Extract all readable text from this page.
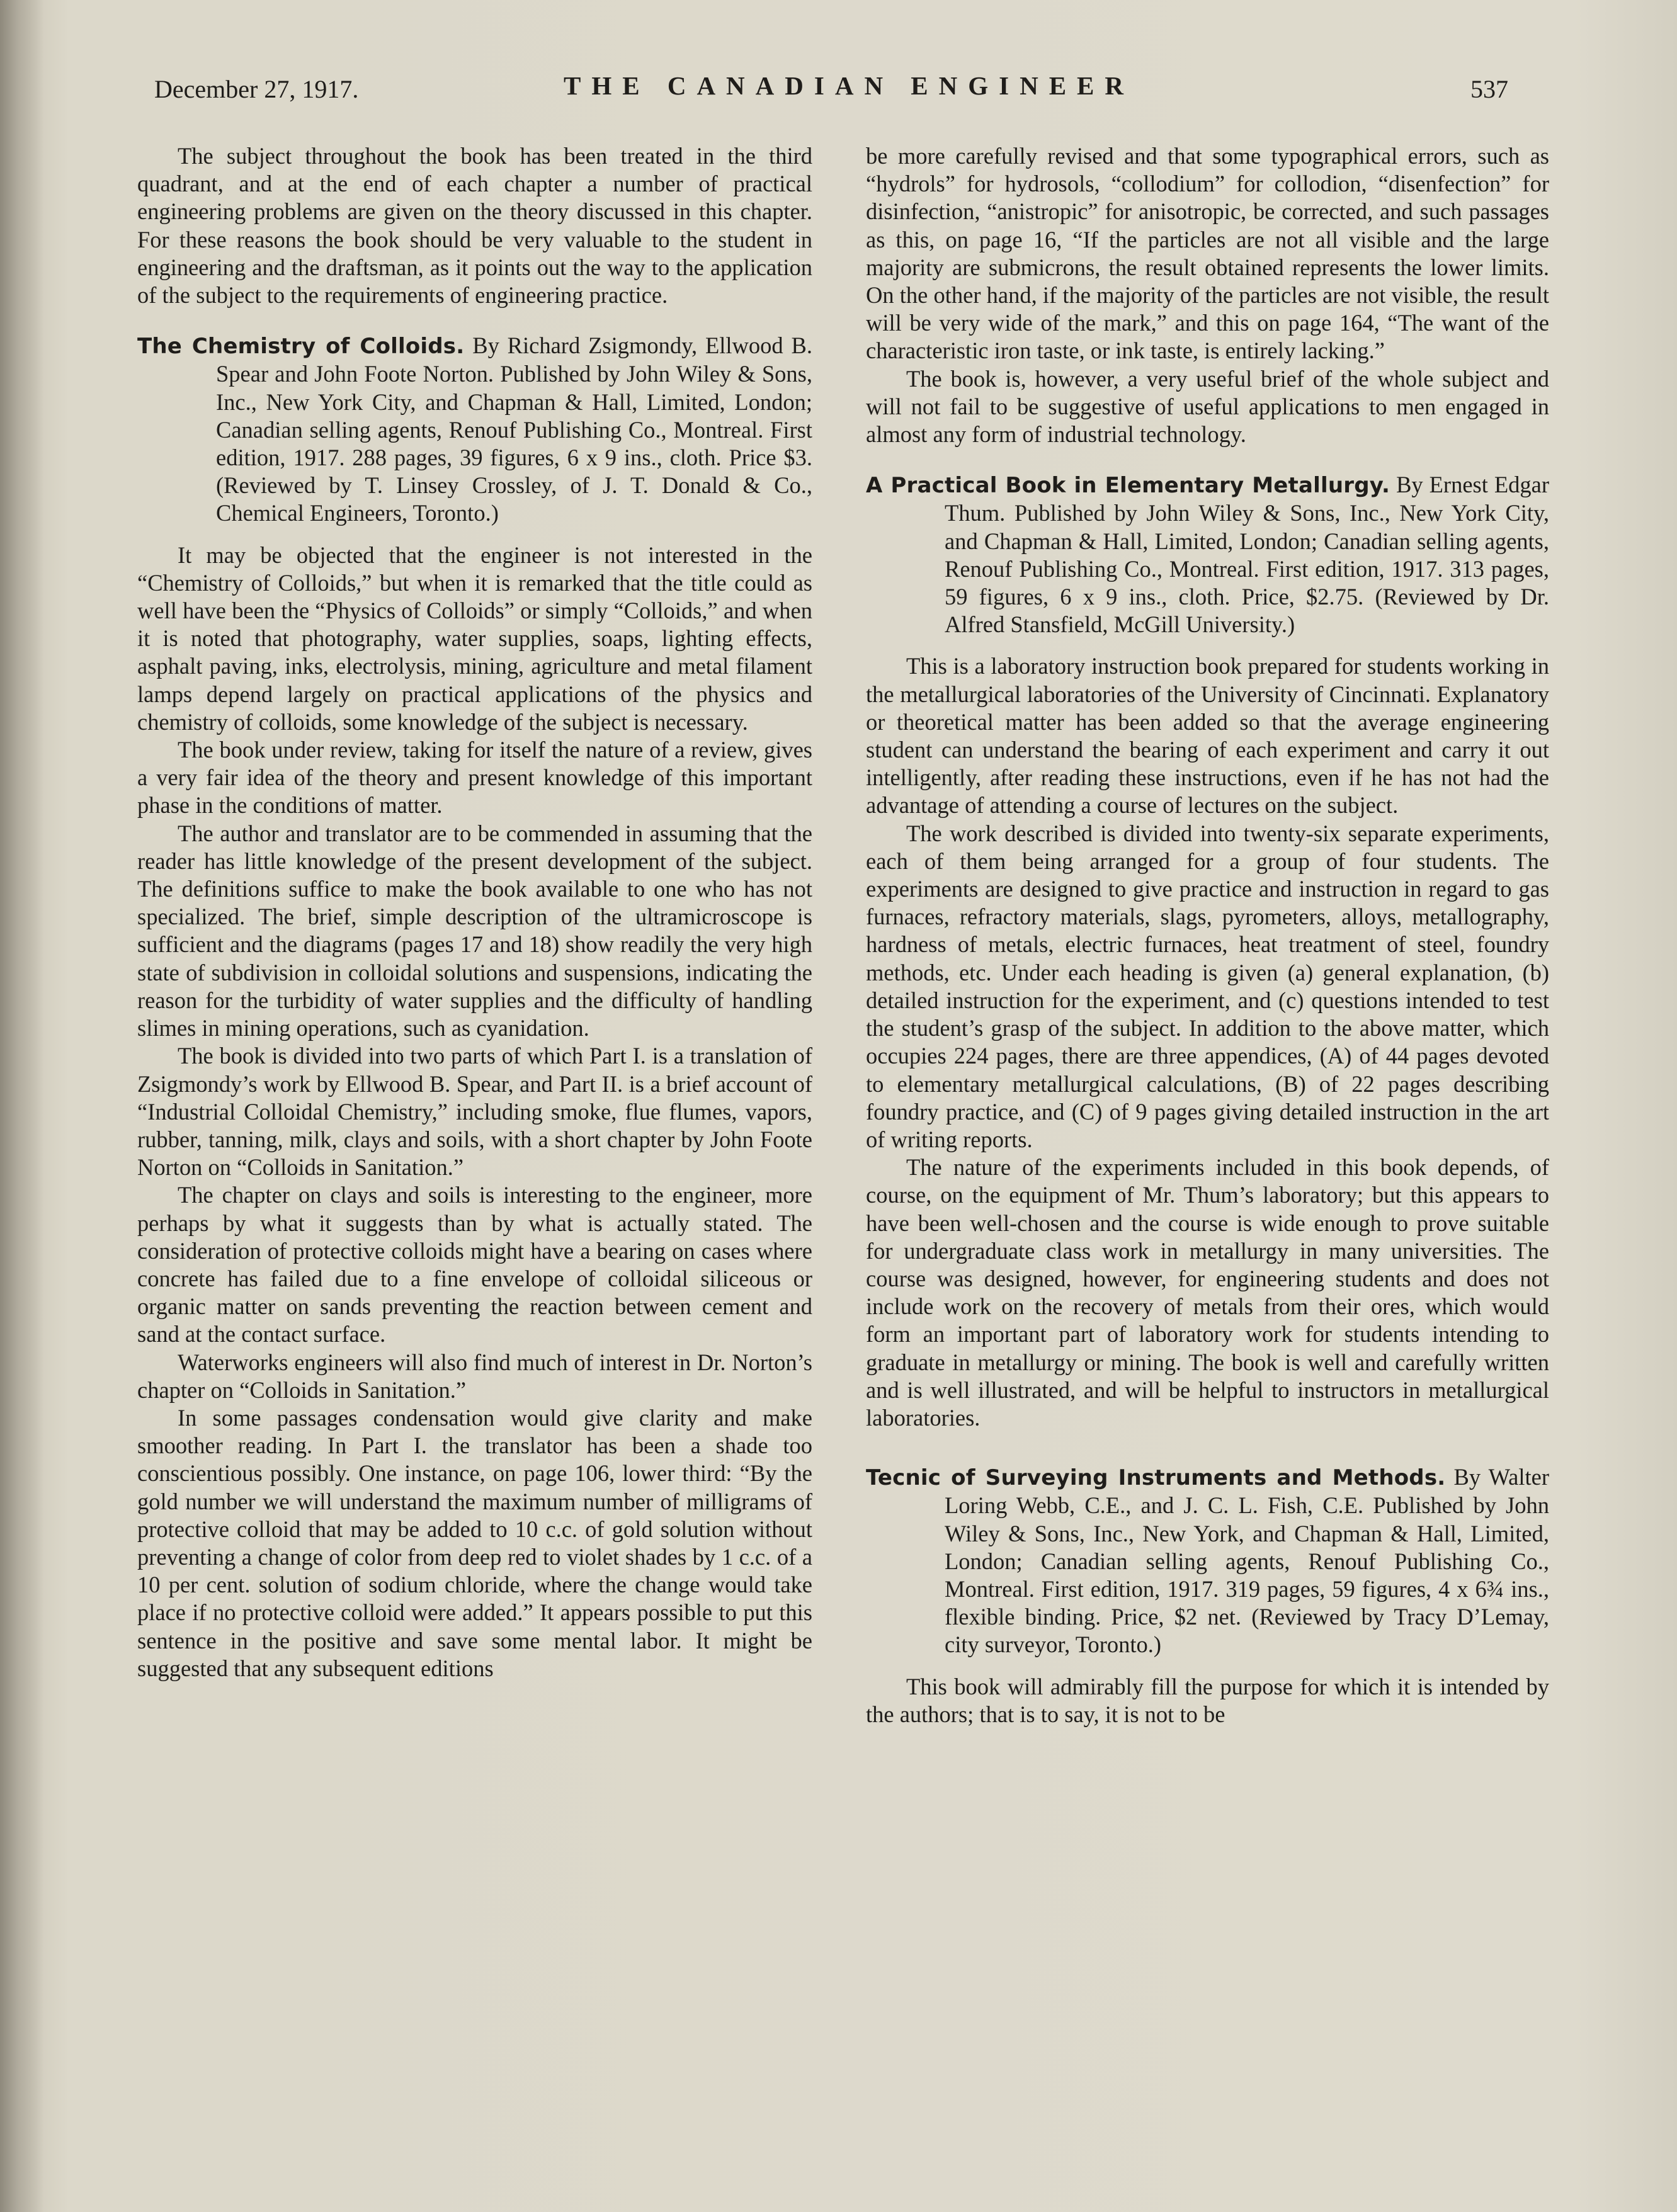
December 27, 1917.	THE CANADIAN ENGINEER	537

The subject throughout the book has been treated in the third quadrant, and at the end of each chapter a number of practical engineering problems are given on the theory discussed in this chapter. For these reasons the book should be very valuable to the student in engineering and the draftsman, as it points out the way to the application of the subject to the requirements of engineering practice.

The Chemistry of Colloids. By Richard Zsigmondy, Ellwood B. Spear and John Foote Norton. Published by John Wiley & Sons, Inc., New York City, and Chapman & Hall, Limited, London; Canadian selling agents, Renouf Publishing Co., Montreal. First edition, 1917. 288 pages, 39 figures, 6 x 9 ins., cloth. Price $3. (Reviewed by T. Linsey Crossley, of J. T. Donald & Co., Chemical Engineers, Toronto.)

It may be objected that the engineer is not interested in the “Chemistry of Colloids,” but when it is remarked that the title could as well have been the “Physics of Colloids” or simply “Colloids,” and when it is noted that photography, water supplies, soaps, lighting effects, asphalt paving, inks, electrolysis, mining, agriculture and metal filament lamps depend largely on practical applications of the physics and chemistry of colloids, some knowledge of the subject is necessary.

The book under review, taking for itself the nature of a review, gives a very fair idea of the theory and present knowledge of this important phase in the conditions of matter.

The author and translator are to be commended in assuming that the reader has little knowledge of the present development of the subject. The definitions suffice to make the book available to one who has not specialized. The brief, simple description of the ultramicroscope is sufficient and the diagrams (pages 17 and 18) show readily the very high state of subdivision in colloidal solutions and suspensions, indicating the reason for the turbidity of water supplies and the difficulty of handling slimes in mining operations, such as cyanidation.

The book is divided into two parts of which Part I. is a translation of Zsigmondy’s work by Ellwood B. Spear, and Part II. is a brief account of “Industrial Colloidal Chemistry,” including smoke, flue flumes, vapors, rubber, tanning, milk, clays and soils, with a short chapter by John Foote Norton on “Colloids in Sanitation.”

The chapter on clays and soils is interesting to the engineer, more perhaps by what it suggests than by what is actually stated. The consideration of protective colloids might have a bearing on cases where concrete has failed due to a fine envelope of colloidal siliceous or organic matter on sands preventing the reaction between cement and sand at the contact surface.

Waterworks engineers will also find much of interest in Dr. Norton’s chapter on “Colloids in Sanitation.”

In some passages condensation would give clarity and make smoother reading. In Part I. the translator has been a shade too conscientious possibly. One instance, on page 106, lower third: “By the gold number we will understand the maximum number of milligrams of protective colloid that may be added to 10 c.c. of gold solution without preventing a change of color from deep red to violet shades by 1 c.c. of a 10 per cent. solution of sodium chloride, where the change would take place if no protective colloid were added.” It appears possible to put this sentence in the positive and save some mental labor. It might be suggested that any subsequent editions

be more carefully revised and that some typographical errors, such as “hydrols” for hydrosols, “collodium” for collodion, “disenfection” for disinfection, “anistropic” for anisotropic, be corrected, and such passages as this, on page 16, “If the particles are not all visible and the large majority are submicrons, the result obtained represents the lower limits. On the other hand, if the majority of the particles are not visible, the result will be very wide of the mark,” and this on page 164, “The want of the characteristic iron taste, or ink taste, is entirely lacking.”

The book is, however, a very useful brief of the whole subject and will not fail to be suggestive of useful applications to men engaged in almost any form of industrial technology.

A Practical Book in Elementary Metallurgy. By Ernest Edgar Thum. Published by John Wiley & Sons, Inc., New York City, and Chapman & Hall, Limited, London; Canadian selling agents, Renouf Publishing Co., Montreal. First edition, 1917. 313 pages, 59 figures, 6 x 9 ins., cloth. Price, $2.75. (Reviewed by Dr. Alfred Stansfield, McGill University.)

This is a laboratory instruction book prepared for students working in the metallurgical laboratories of the University of Cincinnati. Explanatory or theoretical matter has been added so that the average engineering student can understand the bearing of each experiment and carry it out intelligently, after reading these instructions, even if he has not had the advantage of attending a course of lectures on the subject.

The work described is divided into twenty-six separate experiments, each of them being arranged for a group of four students. The experiments are designed to give practice and instruction in regard to gas furnaces, refractory materials, slags, pyrometers, alloys, metallography, hardness of metals, electric furnaces, heat treatment of steel, foundry methods, etc. Under each heading is given (a) general explanation, (b) detailed instruction for the experiment, and (c) questions intended to test the student’s grasp of the subject. In addition to the above matter, which occupies 224 pages, there are three appendices, (A) of 44 pages devoted to elementary metallurgical calculations, (B) of 22 pages describing foundry practice, and (C) of 9 pages giving detailed instruction in the art of writing reports.

The nature of the experiments included in this book depends, of course, on the equipment of Mr. Thum’s laboratory; but this appears to have been well-chosen and the course is wide enough to prove suitable for undergraduate class work in metallurgy in many universities. The course was designed, however, for engineering students and does not include work on the recovery of metals from their ores, which would form an important part of laboratory work for students intending to graduate in metallurgy or mining. The book is well and carefully written and is well illustrated, and will be helpful to instructors in metallurgical laboratories.

Tecnic of Surveying Instruments and Methods. By Walter Loring Webb, C.E., and J. C. L. Fish, C.E. Published by John Wiley & Sons, Inc., New York, and Chapman & Hall, Limited, London; Canadian selling agents, Renouf Publishing Co., Montreal. First edition, 1917. 319 pages, 59 figures, 4 x 6¾ ins., flexible binding. Price, $2 net. (Reviewed by Tracy D’Lemay, city surveyor, Toronto.)

This book will admirably fill the purpose for which it is intended by the authors; that is to say, it is not to be
